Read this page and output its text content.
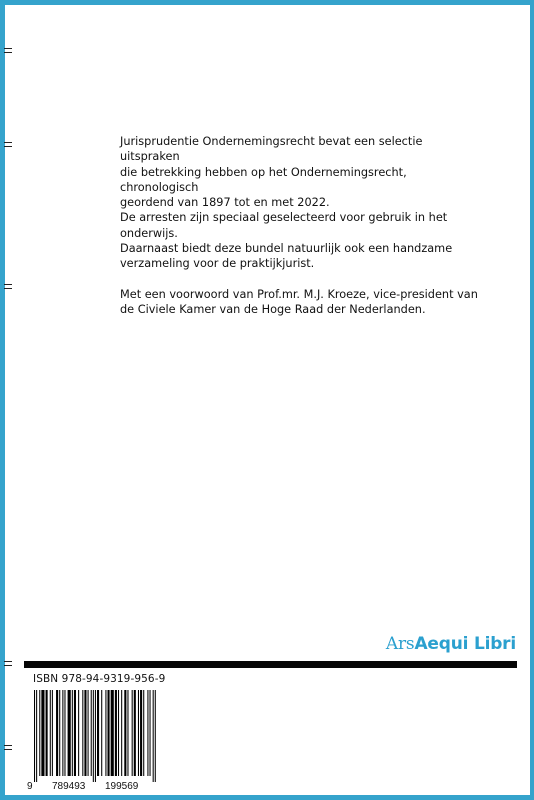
Jurisprudentie Ondernemingsrecht bevat een selectie uitspraken

die betrekking hebben op het Ondernemingsrecht, chronologisch

geordend van 1897 tot en met 2022.

De arresten zijn speciaal geselecteerd voor gebruik in het

onderwijs.

Daarnaast biedt deze bundel natuurlijk ook een handzame

verzameling voor de praktijkjurist.

Met een voorwoord van Prof.mr. M.J. Kroeze, vice-president van

de Civiele Kamer van de Hoge Raad der Nederlanden.

ArsAequi Libri
ISBN 978-94-9319-956-9
9 789493 199569
